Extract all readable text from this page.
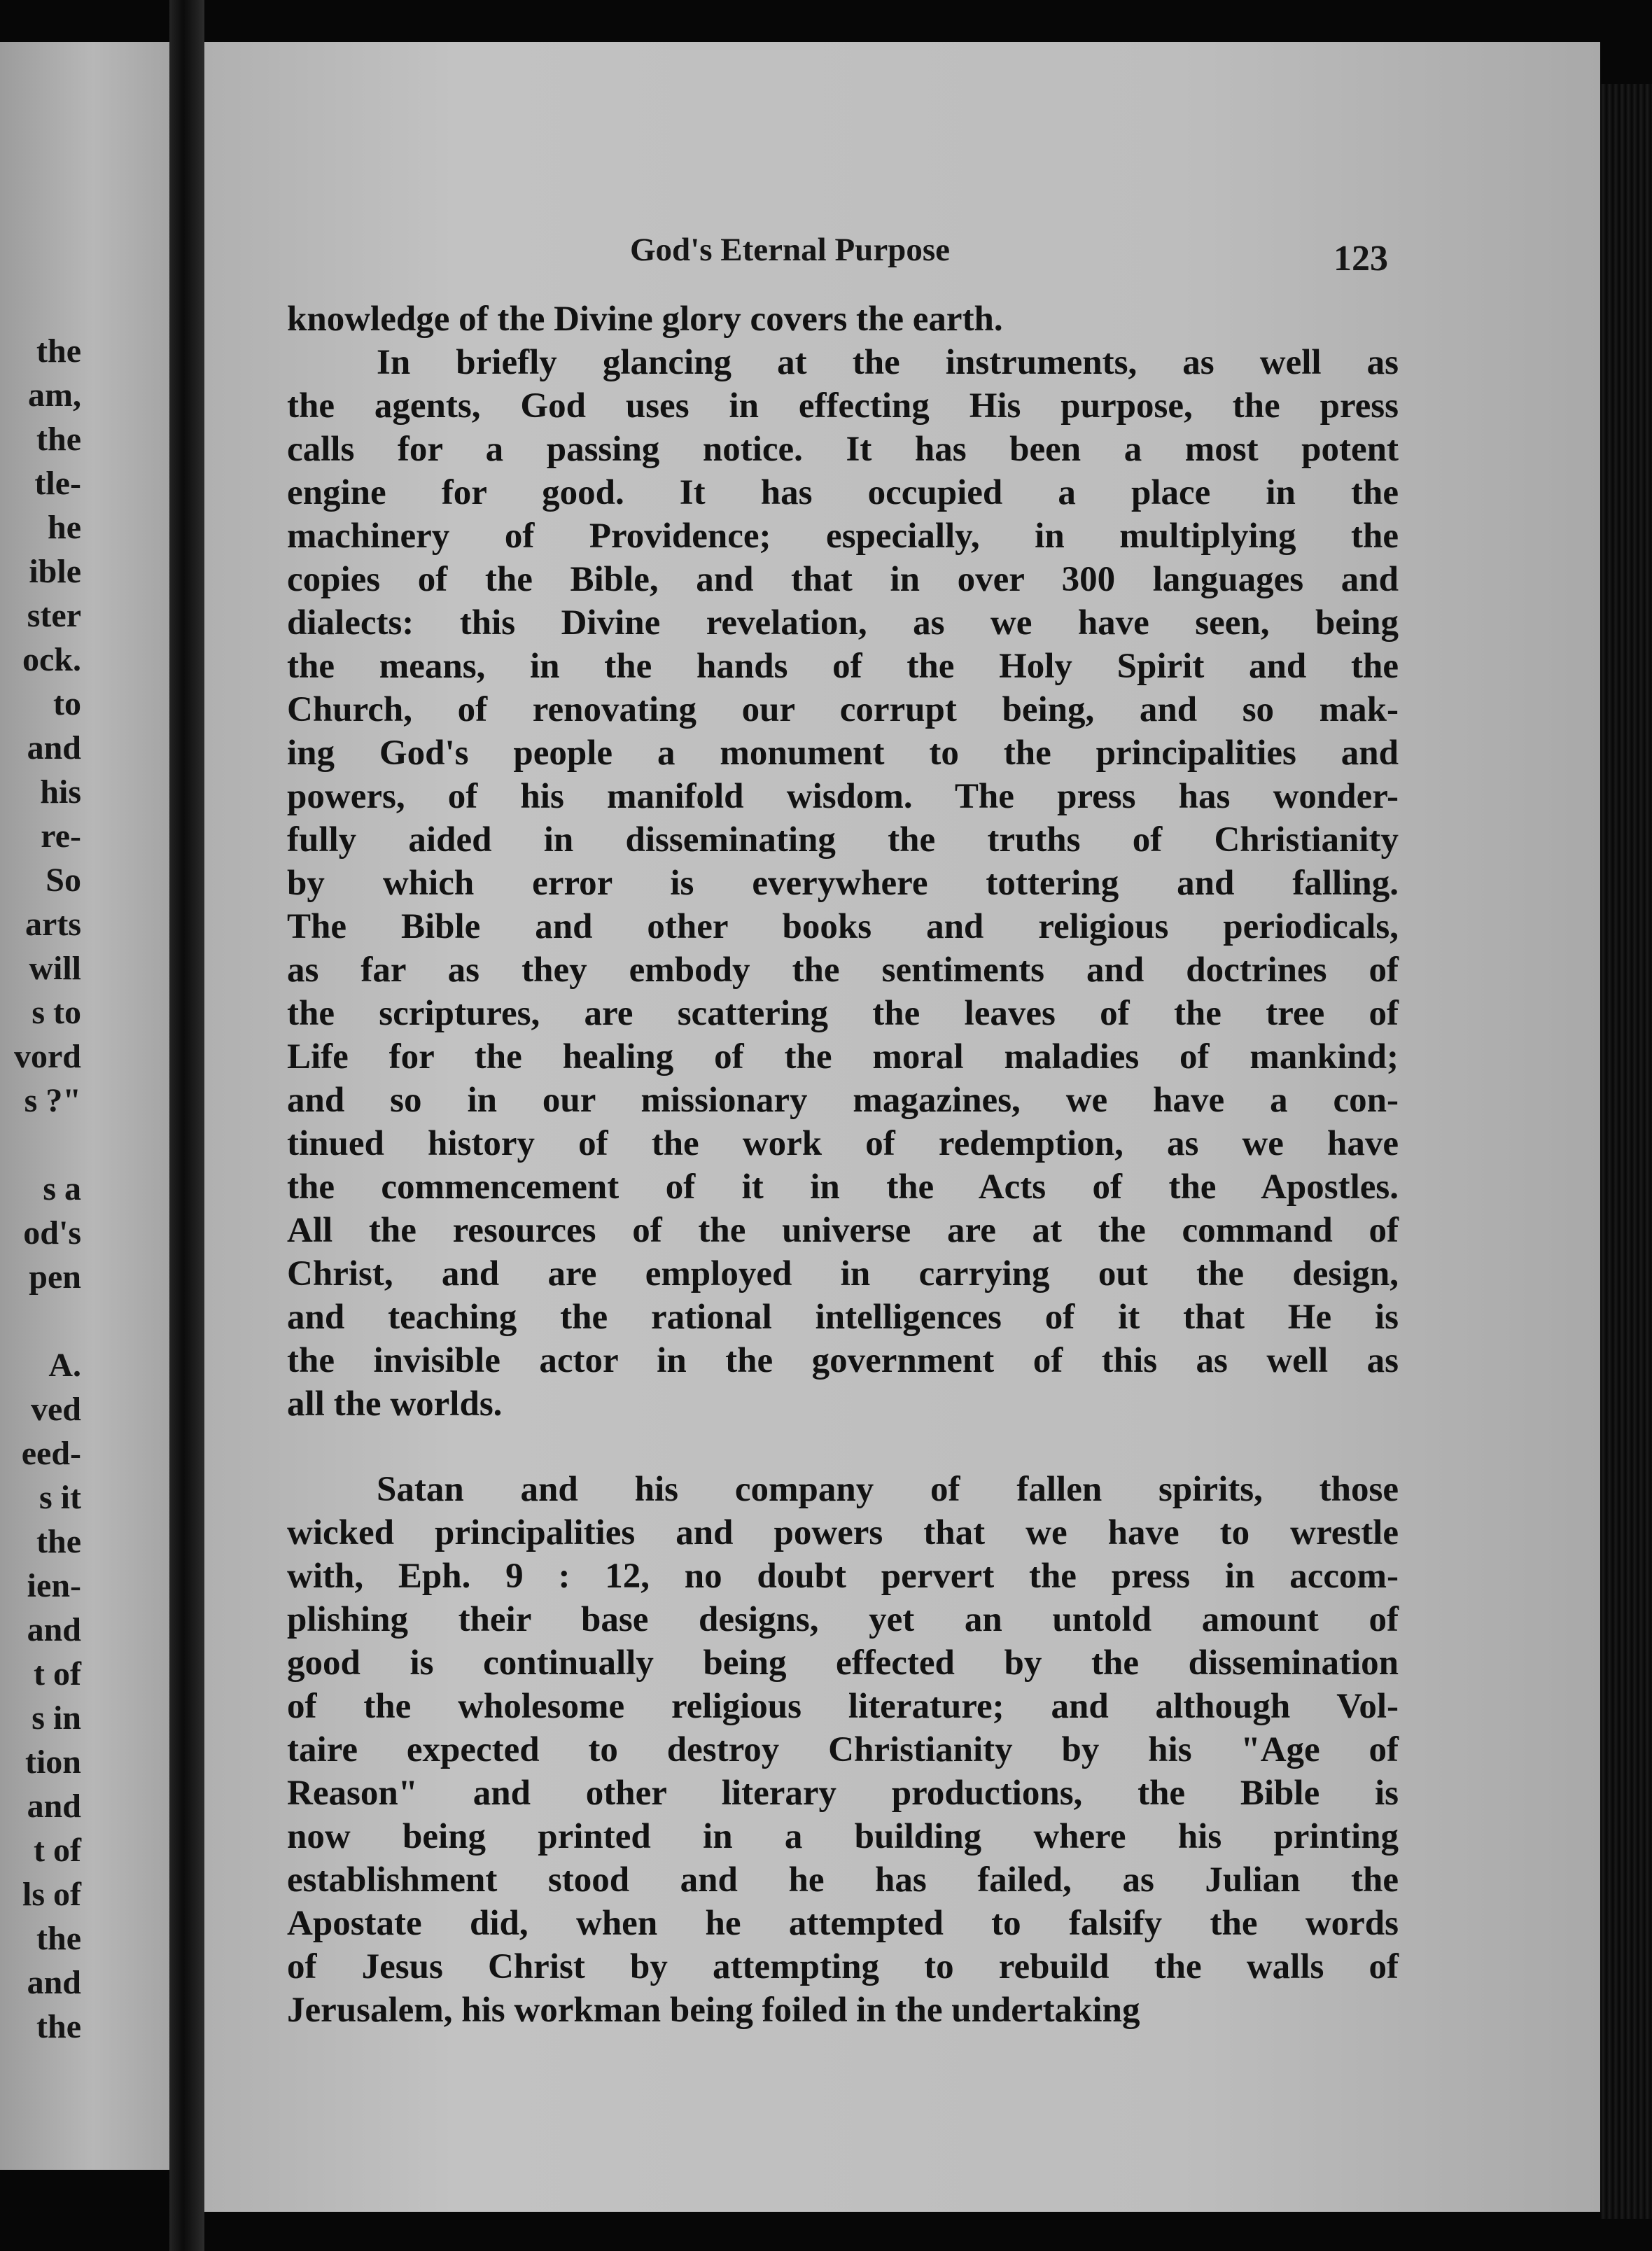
the
am,
the
tle-
he
ible
ster
ock.
to
and
his
re-
So
arts
will
s to
vord
s ?"
s a
od's
pen
A.
ved
eed-
s it
the
ien-
and
t of
s in
tion
and
t of
ls of
the
and
the
God's Eternal Purpose	123
knowledge of the Divine glory covers the earth.
In briefly glancing at the instruments, as well as
the agents, God uses in effecting His purpose, the press
calls for a passing notice. It has been a most potent
engine for good. It has occupied a place in the
machinery of Providence; especially, in multiplying the
copies of the Bible, and that in over 300 languages and
dialects: this Divine revelation, as we have seen, being
the means, in the hands of the Holy Spirit and the
Church, of renovating our corrupt being, and so mak-
ing God's people a monument to the principalities and
powers, of his manifold wisdom. The press has wonder-
fully aided in disseminating the truths of Christianity
by which error is everywhere tottering and falling.
The Bible and other books and religious periodicals,
as far as they embody the sentiments and doctrines of
the scriptures, are scattering the leaves of the tree of
Life for the healing of the moral maladies of mankind;
and so in our missionary magazines, we have a con-
tinued history of the work of redemption, as we have
the commencement of it in the Acts of the Apostles.
All the resources of the universe are at the command of
Christ, and are employed in carrying out the design,
and teaching the rational intelligences of it that He is
the invisible actor in the government of this as well as
all the worlds.
Satan and his company of fallen spirits, those
wicked principalities and powers that we have to wrestle
with, Eph. 9 : 12, no doubt pervert the press in accom-
plishing their base designs, yet an untold amount of
good is continually being effected by the dissemination
of the wholesome religious literature; and although Vol-
taire expected to destroy Christianity by his "Age of
Reason" and other literary productions, the Bible is
now being printed in a building where his printing
establishment stood and he has failed, as Julian the
Apostate did, when he attempted to falsify the words
of Jesus Christ by attempting to rebuild the walls of
Jerusalem, his workman being foiled in the undertaking
